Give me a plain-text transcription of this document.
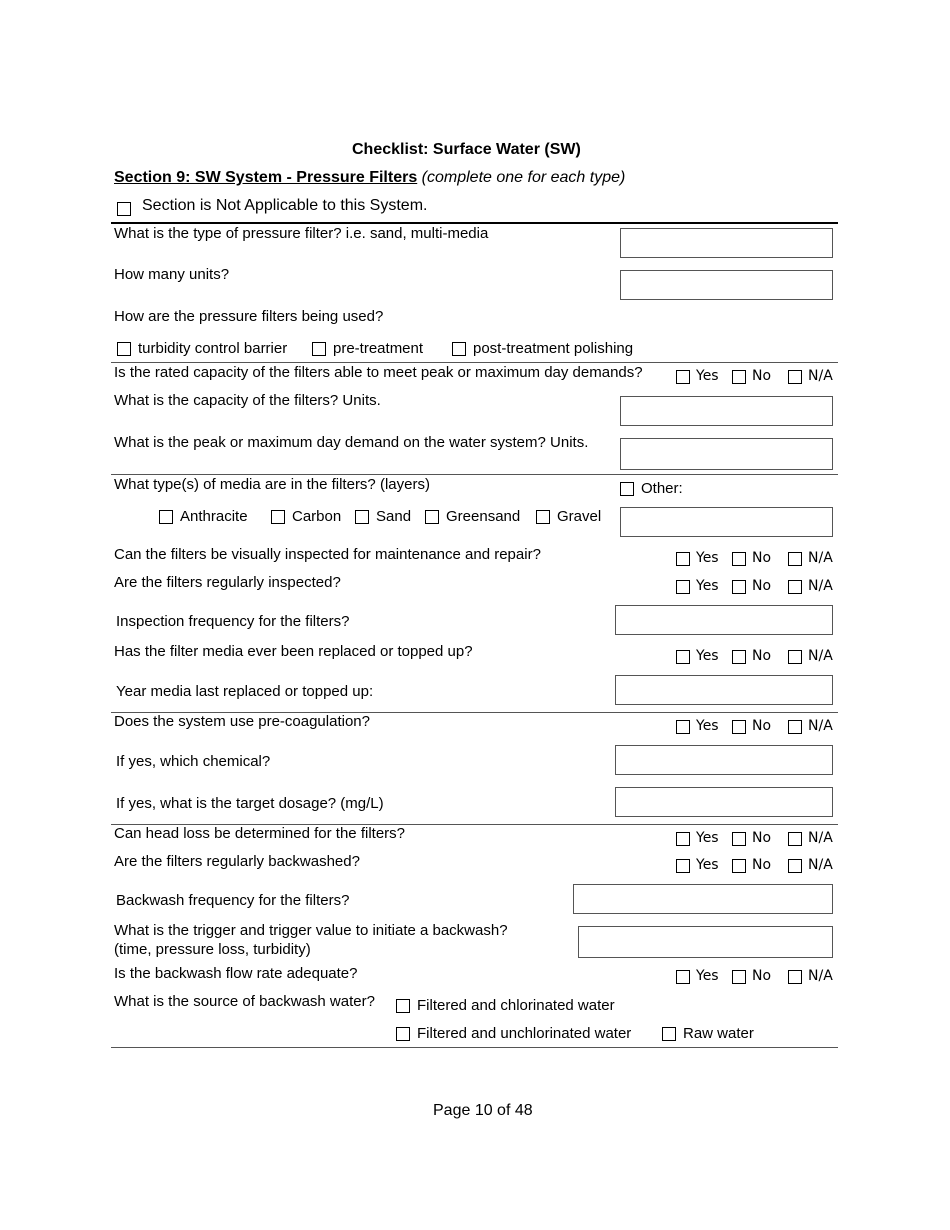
Checklist: Surface Water (SW)
Section 9: SW System - Pressure Filters (complete one for each type)
Section is Not Applicable to this System.
What is the type of pressure filter? i.e. sand, multi-media
How many units?
How are the pressure filters being used?
turbidity control barrier	pre-treatment	post-treatment polishing
Is the rated capacity of the filters able to meet peak or maximum day demands?	Yes No	N/A
What is the capacity of the filters? Units.
What is the peak or maximum day demand on the water system? Units.
What type(s) of media are in the filters? (layers)	Other:
Anthracite	Carbon Sand Greensand Gravel
Can the filters be visually inspected for maintenance and repair?	Yes No	N/A
Are the filters regularly inspected?	Yes No	N/A
Inspection frequency for the filters?
Has the filter media ever been replaced or topped up?	Yes No	N/A
Year media last replaced or topped up:
Does the system use pre-coagulation?	Yes No	N/A
If yes, which chemical?
If yes, what is the target dosage? (mg/L)
Can head loss be determined for the filters?	Yes No	N/A
Are the filters regularly backwashed?	Yes No	N/A
Backwash frequency for the filters?
What is the trigger and trigger value to initiate a backwash?
(time, pressure loss, turbidity)
Is the backwash flow rate adequate?	Yes No	N/A
What is the source of backwash water?	Filtered and chlorinated water
Filtered and unchlorinated water	Raw water
Page 10 of 48
